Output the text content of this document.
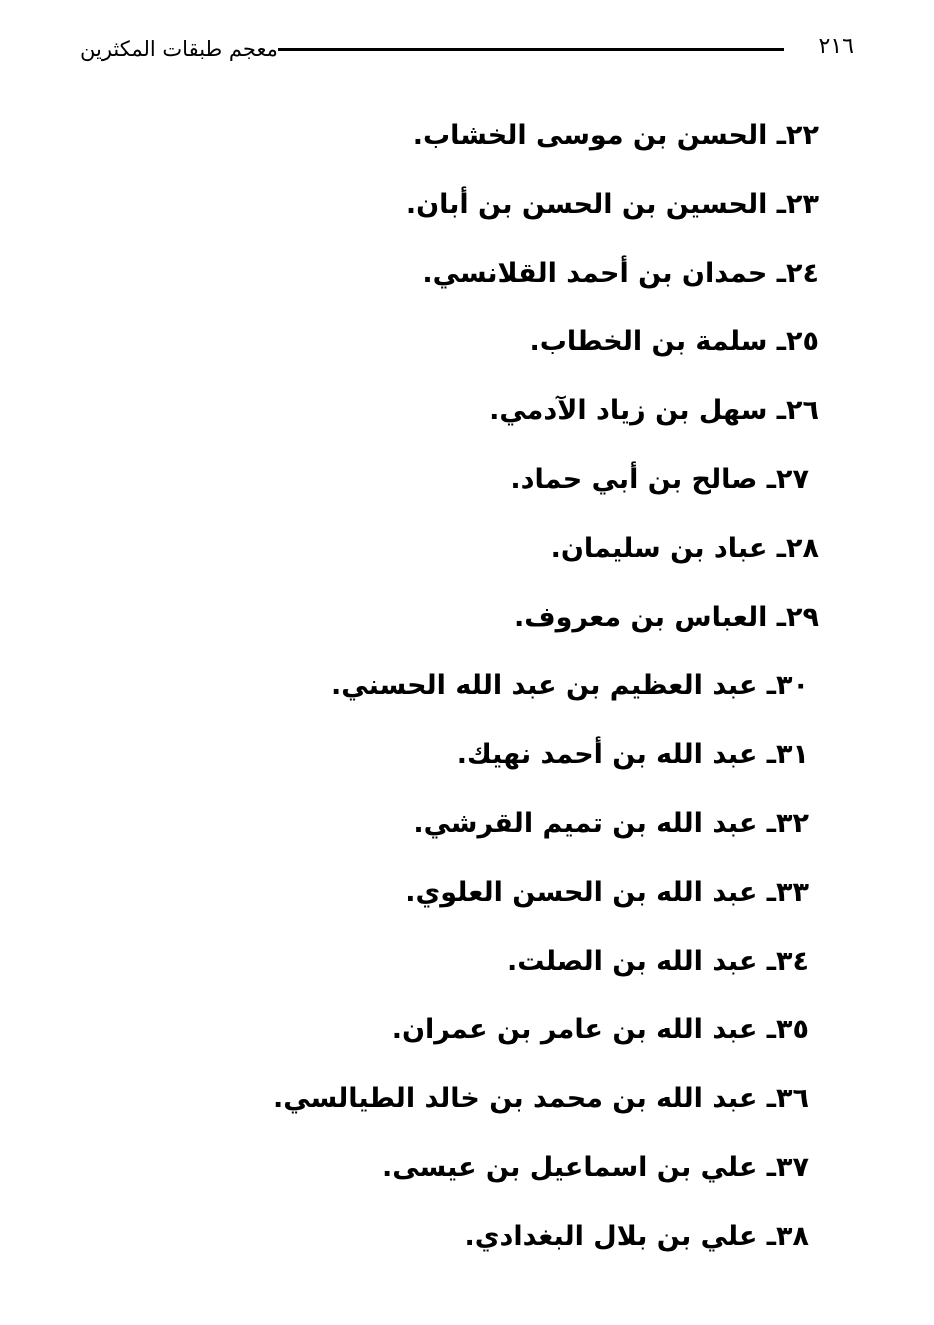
معجم طبقات المكثرين	٢١٦
٢٢ـ الحسن بن موسى الخشاب.
٢٣ـ الحسين بن الحسن بن أبان.
٢٤ـ حمدان بن أحمد القلانسي.
٢٥ـ سلمة بن الخطاب.
٢٦ـ سهل بن زياد الآدمي.
٢٧ـ صالح بن أبي حماد.
٢٨ـ عباد بن سليمان.
٢٩ـ العباس بن معروف.
٣٠ـ عبد العظيم بن عبد الله الحسني.
٣١ـ عبد الله بن أحمد نهيك.
٣٢ـ عبد الله بن تميم القرشي.
٣٣ـ عبد الله بن الحسن العلوي.
٣٤ـ عبد الله بن الصلت.
٣٥ـ عبد الله بن عامر بن عمران.
٣٦ـ عبد الله بن محمد بن خالد الطيالسي.
٣٧ـ علي بن اسماعيل بن عيسى.
٣٨ـ علي بن بلال البغدادي.
